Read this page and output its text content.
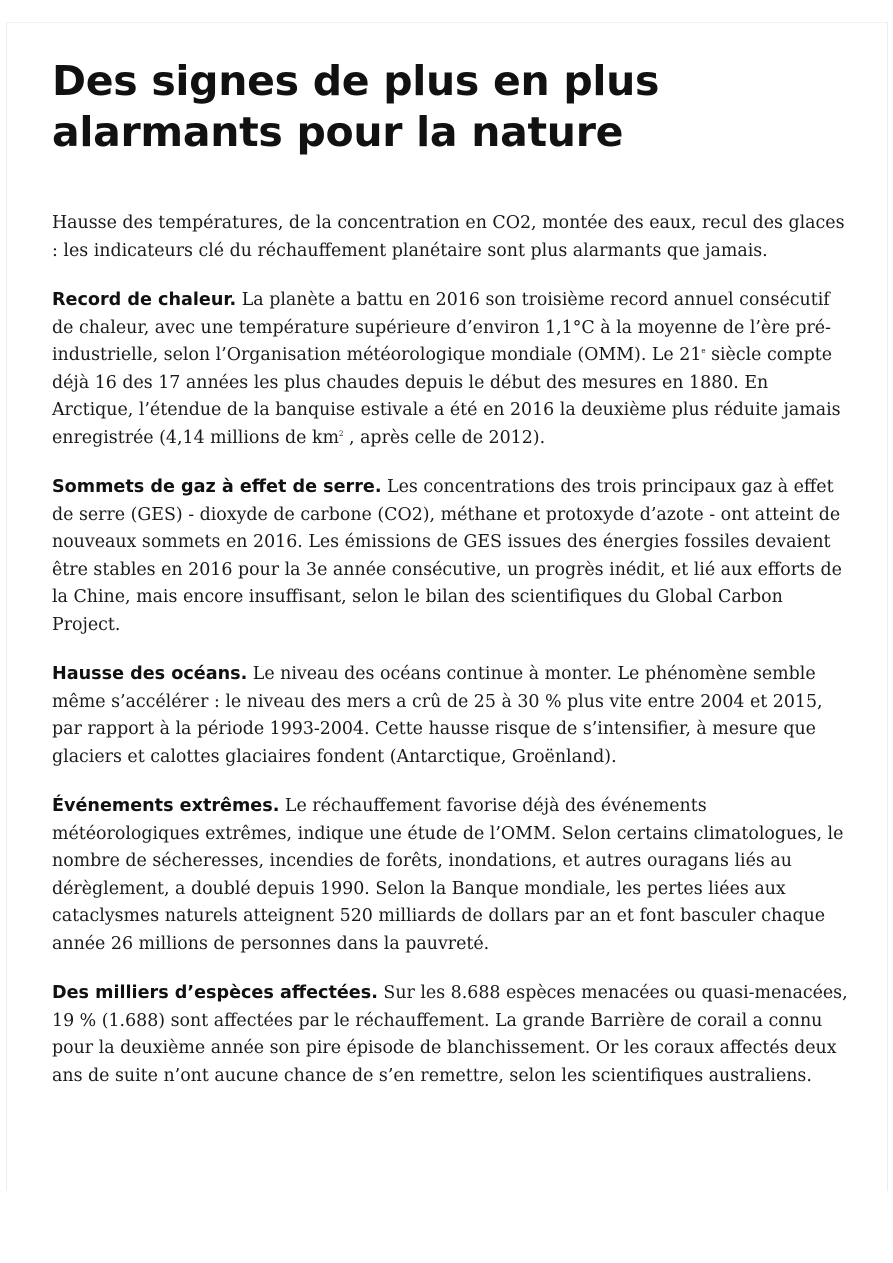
Des signes de plus en plus alarmants pour la nature

Hausse des températures, de la concentration en CO2, montée des eaux, recul des glaces : les indicateurs clé du réchauffement planétaire sont plus alarmants que jamais.

Record de chaleur. La planète a battu en 2016 son troisième record annuel consécutif de chaleur, avec une température supérieure d’environ 1,1°C à la moyenne de l’ère pré-industrielle, selon l’Organisation météorologique mondiale (OMM). Le 21e siècle compte déjà 16 des 17 années les plus chaudes depuis le début des mesures en 1880. En Arctique, l’étendue de la banquise estivale a été en 2016 la deuxième plus réduite jamais enregistrée (4,14 millions de $km^2$ , après celle de 2012).

Sommets de gaz à effet de serre. Les concentrations des trois principaux gaz à effet de serre (GES) - dioxyde de carbone (CO2), méthane et protoxyde d’azote - ont atteint de nouveaux sommets en 2016. Les émissions de GES issues des énergies fossiles devaient être stables en 2016 pour la 3e année consécutive, un progrès inédit, et lié aux efforts de la Chine, mais encore insuffisant, selon le bilan des scientifiques du Global Carbon Project.

Hausse des océans. Le niveau des océans continue à monter. Le phénomène semble même s’accélérer : le niveau des mers a crû de 25 à 30 % plus vite entre 2004 et 2015, par rapport à la période 1993-2004. Cette hausse risque de s’intensifier, à mesure que glaciers et calottes glaciaires fondent (Antarctique, Groënland).

Événements extrêmes. Le réchauffement favorise déjà des événements météorologiques extrêmes, indique une étude de l’OMM. Selon certains climatologues, le nombre de sécheresses, incendies de forêts, inondations, et autres ouragans liés au dérèglement, a doublé depuis 1990. Selon la Banque mondiale, les pertes liées aux cataclysmes naturels atteignent 520 milliards de dollars par an et font basculer chaque année 26 millions de personnes dans la pauvreté.

Des milliers d’espèces affectées. Sur les 8.688 espèces menacées ou quasi-menacées, 19 % (1.688) sont affectées par le réchauffement. La grande Barrière de corail a connu pour la deuxième année son pire épisode de blanchissement. Or les coraux affectés deux ans de suite n’ont aucune chance de s’en remettre, selon les scientifiques australiens.
